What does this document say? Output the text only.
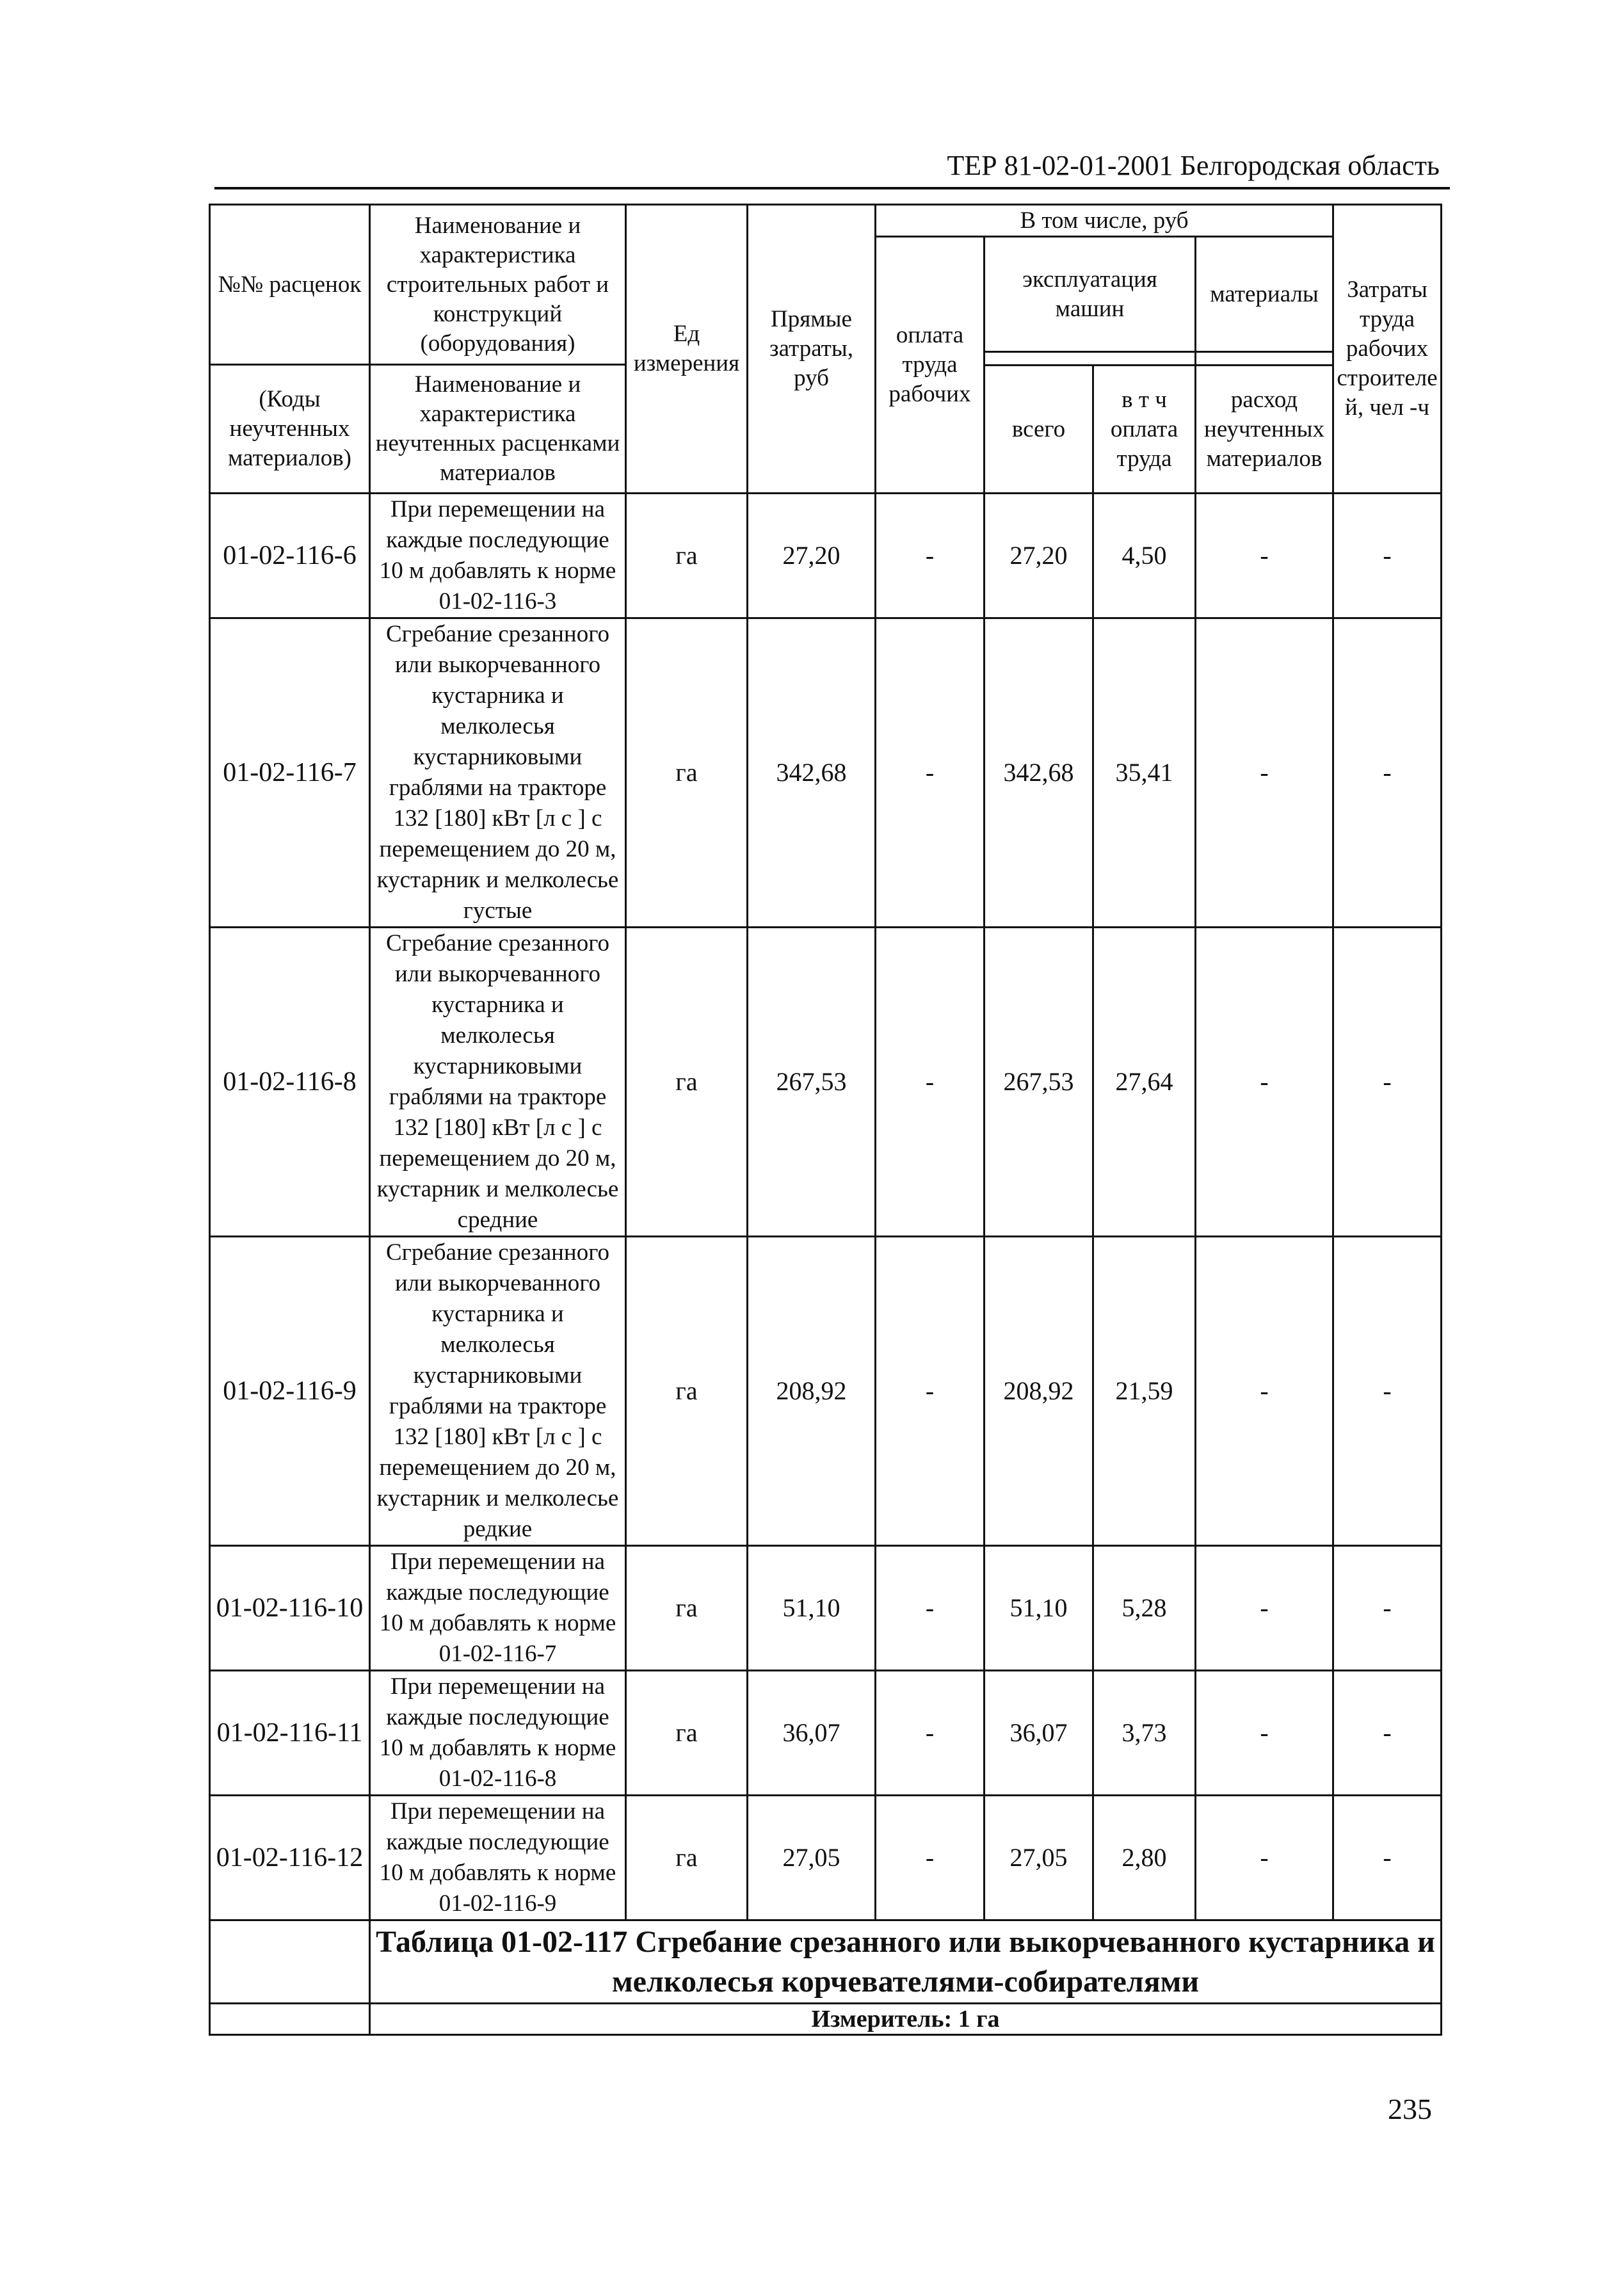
ТЕР 81-02-01-2001 Белгородская область
№№ расценок	Наименование и характеристика строительных работ и конструкций (оборудования)	Ед измерения	Прямые затраты, руб	В том числе, руб				Затраты труда рабочих строителей, чел -ч
				оплата труда рабочих	эксплуатация машин		материалы	

(Коды неучтенных материалов)	Наименование и характеристика неучтенных расценками материалов							
					всего	в т ч оплата труда	расход неучтенных материалов	
01-02-116-6	При перемещении на каждые последующие 10 м добавлять к норме 01-02-116-3	га	27,20	-	27,20	4,50	-	-
01-02-116-7	Сгребание срезанного или выкорчеванного кустарника и мелколесья кустарниковыми граблями на тракторе 132 [180] кВт [л с ] с перемещением до 20 м, кустарник и мелколесье густые	га	342,68	-	342,68	35,41	-	-
01-02-116-8	Сгребание срезанного или выкорчеванного кустарника и мелколесья кустарниковыми граблями на тракторе 132 [180] кВт [л с ] с перемещением до 20 м, кустарник и мелколесье средние	га	267,53	-	267,53	27,64	-	-
01-02-116-9	Сгребание срезанного или выкорчеванного кустарника и мелколесья кустарниковыми граблями на тракторе 132 [180] кВт [л с ] с перемещением до 20 м, кустарник и мелколесье редкие	га	208,92	-	208,92	21,59	-	-
01-02-116-10	При перемещении на каждые последующие 10 м добавлять к норме 01-02-116-7	га	51,10	-	51,10	5,28	-	-
01-02-116-11	При перемещении на каждые последующие 10 м добавлять к норме 01-02-116-8	га	36,07	-	36,07	3,73	-	-
01-02-116-12	При перемещении на каждые последующие 10 м добавлять к норме 01-02-116-9	га	27,05	-	27,05	2,80	-	-
	Таблица 01-02-117 Сгребание срезанного или выкорчеванного кустарника и мелколесья корчевателями-собирателями							
	Измеритель: 1 га							
235
